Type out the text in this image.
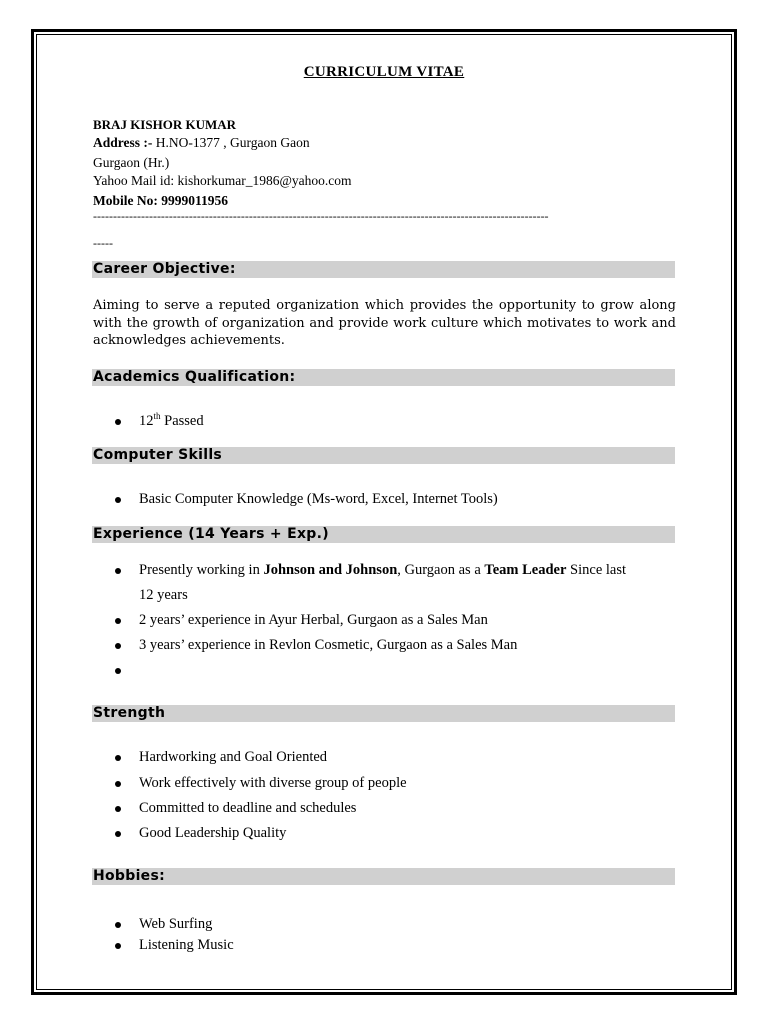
CURRICULUM VITAE
BRAJ KISHOR KUMAR
Address :- H.NO-1377 , Gurgaon Gaon
Gurgaon (Hr.)
Yahoo Mail id: kishorkumar_1986@yahoo.com
Mobile No: 9999011956
------------------------------------------------------------------------------------------------------------------
-----
Career Objective:
Aiming to serve a reputed organization which provides the opportunity to grow along with the growth of organization and provide work culture which motivates to work and acknowledges achievements.
Academics Qualification:
12th Passed
Computer Skills
Basic Computer Knowledge (Ms-word, Excel, Internet Tools)
Experience (14 Years + Exp.)
Presently working in Johnson and Johnson, Gurgaon as a Team Leader Since last
12 years
2 years’ experience in Ayur Herbal, Gurgaon as a Sales Man
3 years’ experience in Revlon Cosmetic, Gurgaon as a Sales Man
Strength
Hardworking and Goal Oriented
Work effectively with diverse group of people
Committed to deadline and schedules
Good Leadership Quality
Hobbies:
Web Surfing
Listening Music
